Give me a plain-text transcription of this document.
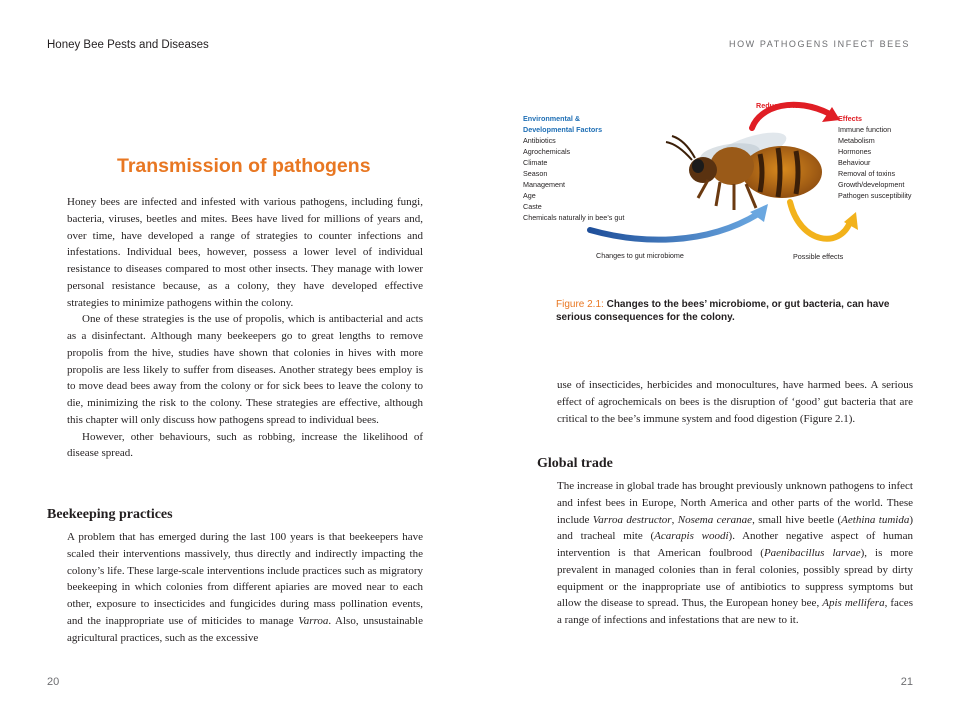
Honey Bee Pests and Diseases	HOW PATHOGENS INFECT BEES
Transmission of pathogens

Honey bees are infected and infested with various pathogens, including fungi, bacteria, viruses, beetles and mites. Bees have lived for millions of years and, over time, have developed a range of strategies to counter infections and infestations. Individual bees, however, possess a lower level of individual resistance to diseases compared to most other insects. They manage with lower personal resistance because, as a colony, they have developed effective strategies to minimize pathogens within the colony.

One of these strategies is the use of propolis, which is antibacterial and acts as a disinfectant. Although many beekeepers go to great lengths to remove propolis from the hive, studies have shown that colonies in hives with more propolis are less likely to suffer from diseases. Another strategy bees employ is to move dead bees away from the colony or for sick bees to leave the colony to die, minimizing the risk to the colony. These strategies are effective, although this chapter will only discuss how pathogens spread to individual bees.

However, other behaviours, such as robbing, increase the likelihood of disease spread.

Beekeeping practices

A problem that has emerged during the last 100 years is that beekeepers have scaled their interventions massively, thus directly and indirectly impacting the colony’s life. These large-scale interventions include practices such as migratory beekeeping in which colonies from different apiaries are moved near to each other, exposure to insecticides and fungicides during mass pollination events, and the inappropriate use of miticides to manage Varroa. Also, unsustainable agricultural practices, such as the excessive

Environmental &
Developmental Factors
Antibiotics
Agrochemicals
Climate
Season
Management
Age
Caste
Chemicals naturally in bee’s gut
Effects
Immune function
Metabolism
Hormones
Behaviour
Removal of toxins
Growth/development
Pathogen susceptibility
Reduced Fitness
Changes to gut microbiome	Possible effects
Figure 2.1: Changes to the bees’ microbiome, or gut bacteria, can have serious consequences for the colony.

use of insecticides, herbicides and monocultures, have harmed bees. A serious effect of agrochemicals on bees is the disruption of ‘good’ gut bacteria that are critical to the bee’s immune system and food digestion (Figure 2.1).

Global trade

The increase in global trade has brought previously unknown pathogens to infect and infest bees in Europe, North America and other parts of the world. These include Varroa destructor, Nosema ceranae, small hive beetle (Aethina tumida) and tracheal mite (Acarapis woodi). Another negative aspect of human intervention is that American foulbrood (Paenibacillus larvae), is more prevalent in managed colonies than in feral colonies, possibly spread by dirty equipment or the inappropriate use of antibiotics to suppress symptoms but allow the disease to spread. Thus, the European honey bee, Apis mellifera, faces a range of infections and infestations that are new to it.

20	21
